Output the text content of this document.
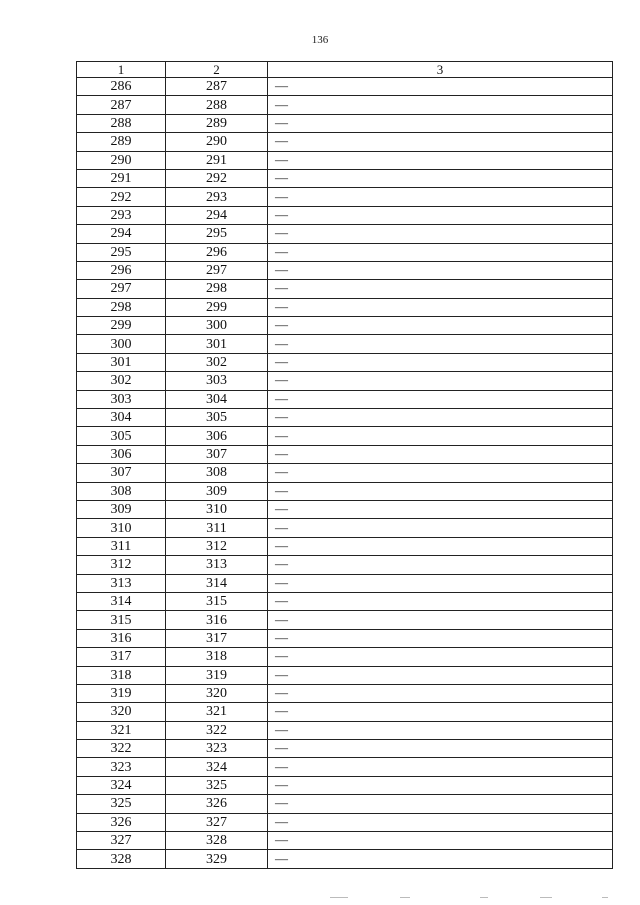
136
1	2	3
286	287	—
287	288	—
288	289	—
289	290	—
290	291	—
291	292	—
292	293	—
293	294	—
294	295	—
295	296	—
296	297	—
297	298	—
298	299	—
299	300	—
300	301	—
301	302	—
302	303	—
303	304	—
304	305	—
305	306	—
306	307	—
307	308	—
308	309	—
309	310	—
310	311	—
311	312	—
312	313	—
313	314	—
314	315	—
315	316	—
316	317	—
317	318	—
318	319	—
319	320	—
320	321	—
321	322	—
322	323	—
323	324	—
324	325	—
325	326	—
326	327	—
327	328	—
328	329	—
